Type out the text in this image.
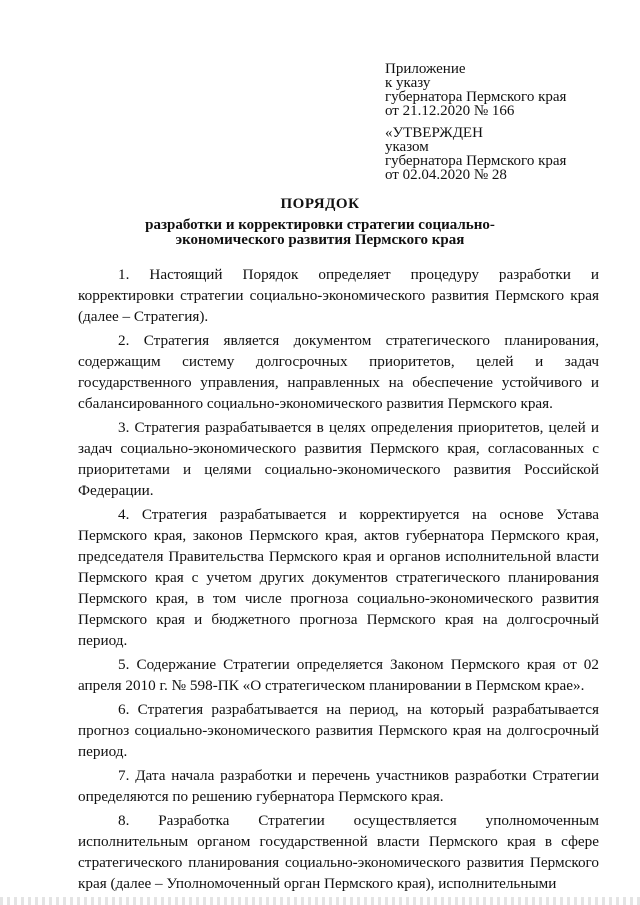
Приложение
к указу
губернатора Пермского края
от 21.12.2020 № 166
«УТВЕРЖДЕН
указом
губернатора Пермского края
от 02.04.2020 № 28
ПОРЯДОК
разработки и корректировки стратегии социально-экономического развития Пермского края

1. Настоящий Порядок определяет процедуру разработки и корректировки стратегии социально-экономического развития Пермского края (далее – Стратегия).

2. Стратегия является документом стратегического планирования, содержащим систему долгосрочных приоритетов, целей и задач государственного управления, направленных на обеспечение устойчивого и сбалансированного социально-экономического развития Пермского края.

3. Стратегия разрабатывается в целях определения приоритетов, целей и задач социально-экономического развития Пермского края, согласованных с приоритетами и целями социально-экономического развития Российской Федерации.

4. Стратегия разрабатывается и корректируется на основе Устава Пермского края, законов Пермского края, актов губернатора Пермского края, председателя Правительства Пермского края и органов исполнительной власти Пермского края с учетом других документов стратегического планирования Пермского края, в том числе прогноза социально-экономического развития Пермского края и бюджетного прогноза Пермского края на долгосрочный период.

5. Содержание Стратегии определяется Законом Пермского края от 02 апреля 2010 г. № 598-ПК «О стратегическом планировании в Пермском крае».

6. Стратегия разрабатывается на период, на который разрабатывается прогноз социально-экономического развития Пермского края на долгосрочный период.

7. Дата начала разработки и перечень участников разработки Стратегии определяются по решению губернатора Пермского края.

8. Разработка Стратегии осуществляется уполномоченным исполнительным органом государственной власти Пермского края в сфере стратегического планирования социально-экономического развития Пермского края (далее – Уполномоченный орган Пермского края), исполнительными
